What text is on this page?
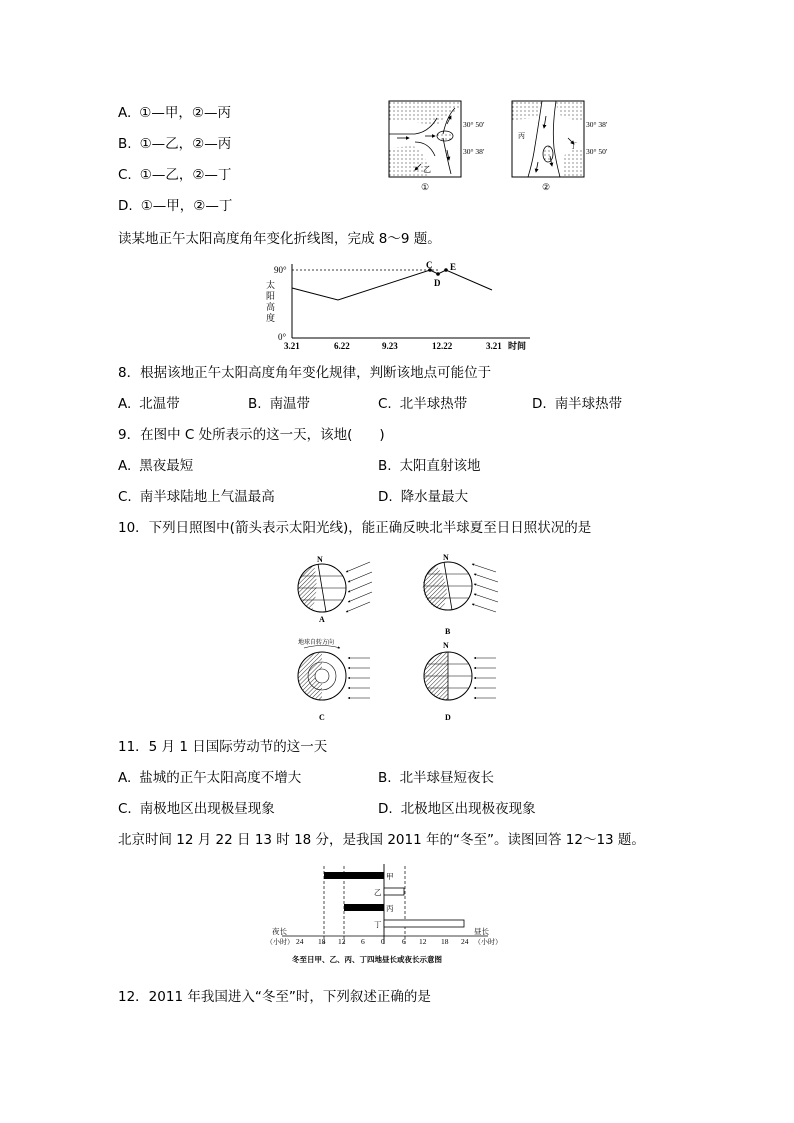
A. ①—甲，②—丙
B. ①—乙，②—丙
C. ①—乙，②—丁
D. ①—甲，②—丁
乙
30° 50′
30° 38′
①
丙
丁
30° 38′
30° 50′
②
读某地正午太阳高度角年变化折线图，完成 8～9 题。
C
D
E
90°
0°
太
阳
高
度
3.21	6.22	9.23	12.22	3.21 时间
8．根据该地正午太阳高度角年变化规律，判断该地点可能位于
A. 北温带	B. 南温带	C. 北半球热带	D. 南半球热带
9．在图中 C 处所表示的这一天，该地(　　)
A. 黑夜最短	B. 太阳直射该地
C. 南半球陆地上气温最高	D. 降水量最大
10．下列日照图中(箭头表示太阳光线)，能正确反映北半球夏至日日照状况的是
N
A
N
B
地球自转方向
C
N
D
11．5 月 1 日国际劳动节的这一天
A. 盐城的正午太阳高度不增大	B. 北半球昼短夜长
C. 南极地区出现极昼现象	D. 北极地区出现极夜现象
北京时间 12 月 22 日 13 时 18 分，是我国 2011 年的“冬至”。读图回答 12～13 题。
甲
乙
丙
丁
24 18 12 6 0 6 12 18 24
夜长
（小时）
昼长
（小时）
冬至日甲、乙、丙、丁四地昼长或夜长示意图
12．2011 年我国进入“冬至”时，下列叙述正确的是
